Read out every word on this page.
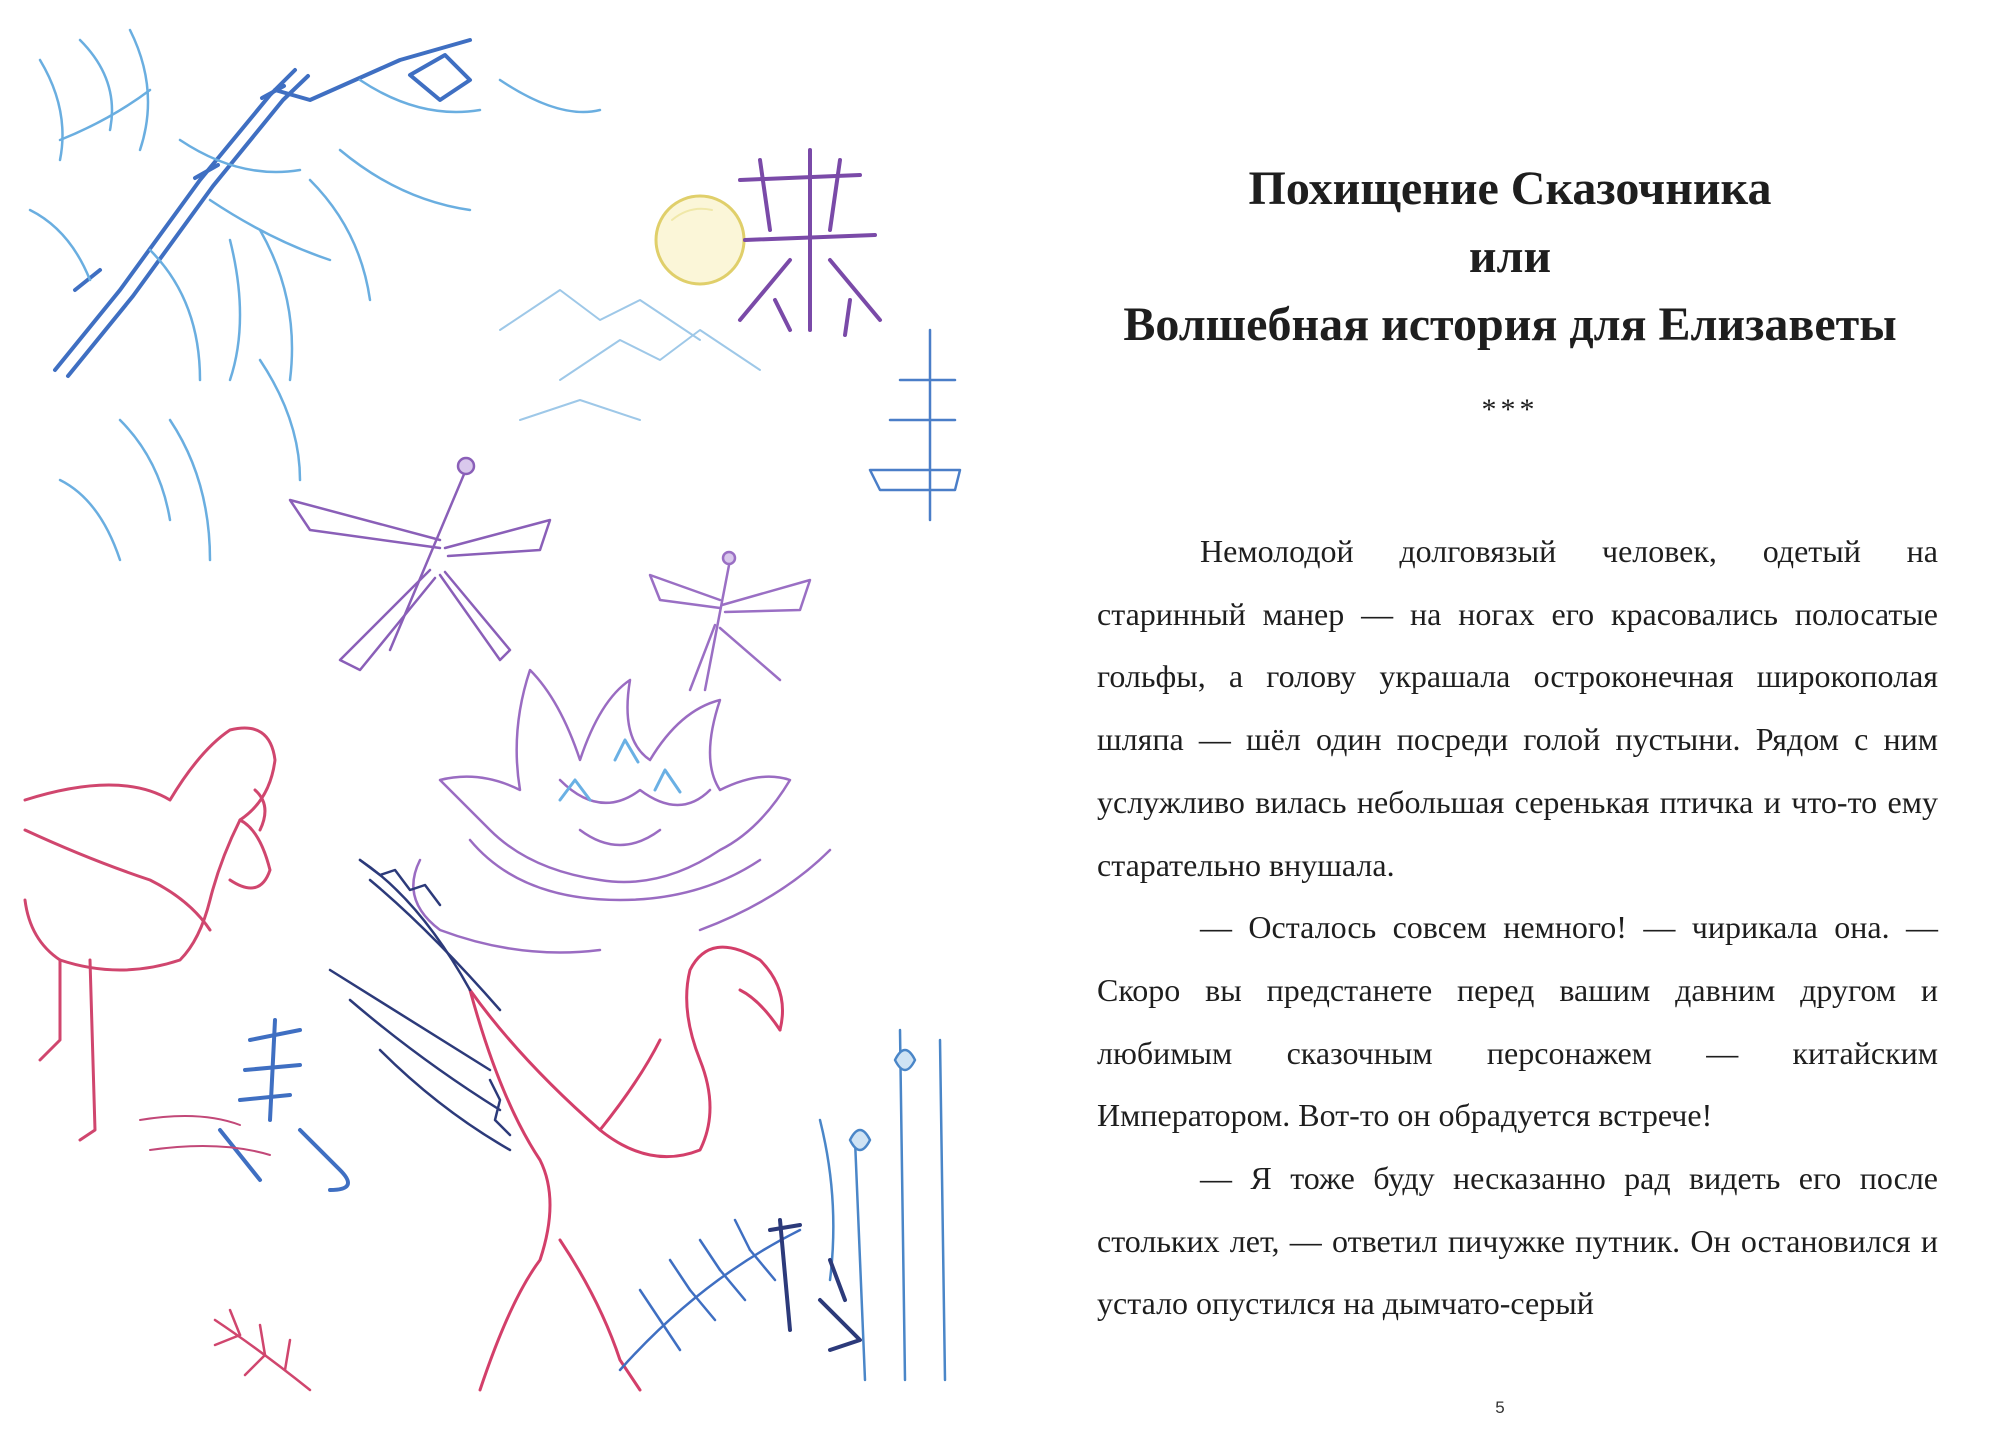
Похищение Сказочника
или
Волшебная история для Елизаветы
***

Немолодой долговязый человек, одетый на старинный манер — на ногах его красовались полосатые гольфы, а голову украшала остроконечная широкополая шляпа — шёл один посреди голой пустыни. Рядом с ним услужливо вилась небольшая серенькая птичка и что-то ему старательно внушала.

— Осталось совсем немного! — чирикала она. — Скоро вы предстанете перед вашим давним другом и любимым сказочным персонажем — китайским Императором. Вот-то он обрадуется встрече!

— Я тоже буду несказанно рад видеть его после стольких лет, — ответил пичужке путник. Он остановился и устало опустился на дымчато-серый

5
